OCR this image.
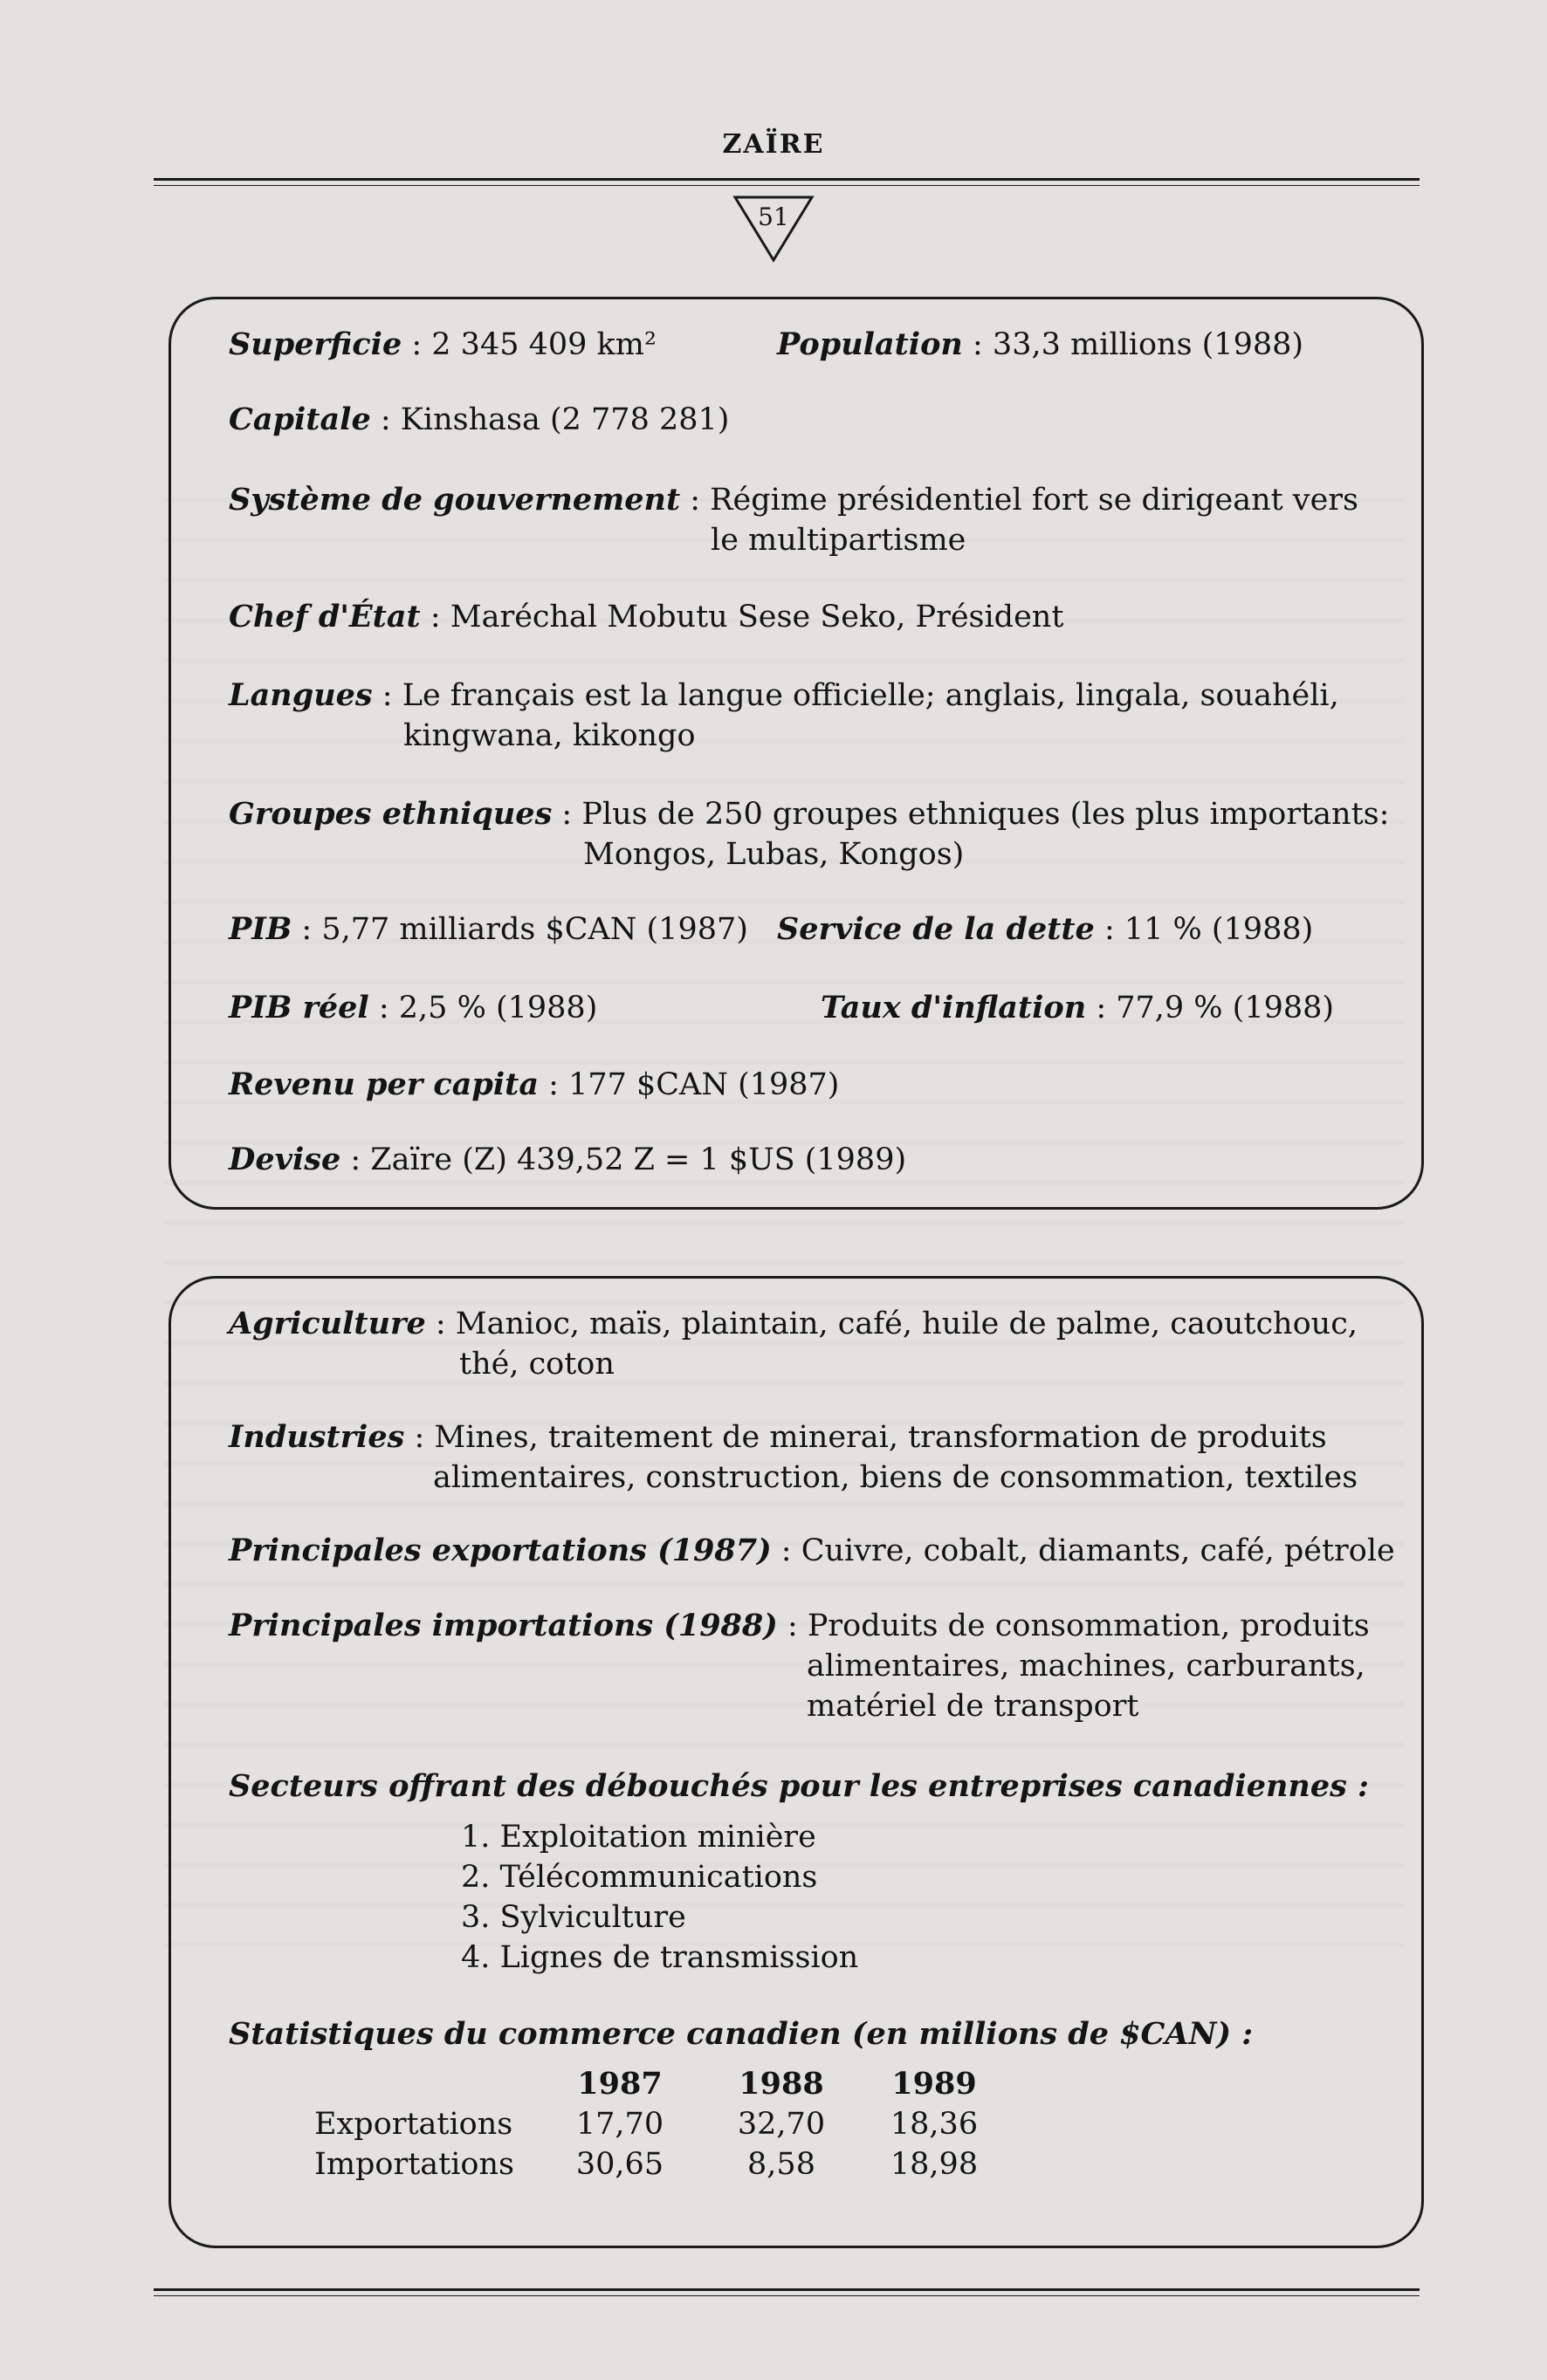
ZAÏRE
51
Superficie : 2 345 409 km²	Population : 33,3 millions (1988)
Capitale : Kinshasa (2 778 281)
Système de gouvernement : Régime présidentiel fort se dirigeant vers
le multipartisme
Chef d'État : Maréchal Mobutu Sese Seko, Président
Langues : Le français est la langue officielle; anglais, lingala, souahéli,
kingwana, kikongo
Groupes ethniques : Plus de 250 groupes ethniques (les plus importants:
Mongos, Lubas, Kongos)
PIB : 5,77 milliards $CAN (1987) Service de la dette : 11 % (1988)
PIB réel : 2,5 % (1988)	Taux d'inflation : 77,9 % (1988)
Revenu per capita : 177 $CAN (1987)
Devise : Zaïre (Z) 439,52 Z = 1 $US (1989)
Agriculture : Manioc, maïs, plaintain, café, huile de palme, caoutchouc,
thé, coton
Industries : Mines, traitement de minerai, transformation de produits
alimentaires, construction, biens de consommation, textiles
Principales exportations (1987) : Cuivre, cobalt, diamants, café, pétrole
Principales importations (1988) : Produits de consommation, produits
alimentaires, machines, carburants,
matériel de transport
Secteurs offrant des débouchés pour les entreprises canadiennes :
1. Exploitation minière
2. Télécommunications
3. Sylviculture
4. Lignes de transmission
Statistiques du commerce canadien (en millions de $CAN) :
	1987	1988	1989
Exportations	17,70	32,70	18,36
Importations	30,65	8,58	18,98
